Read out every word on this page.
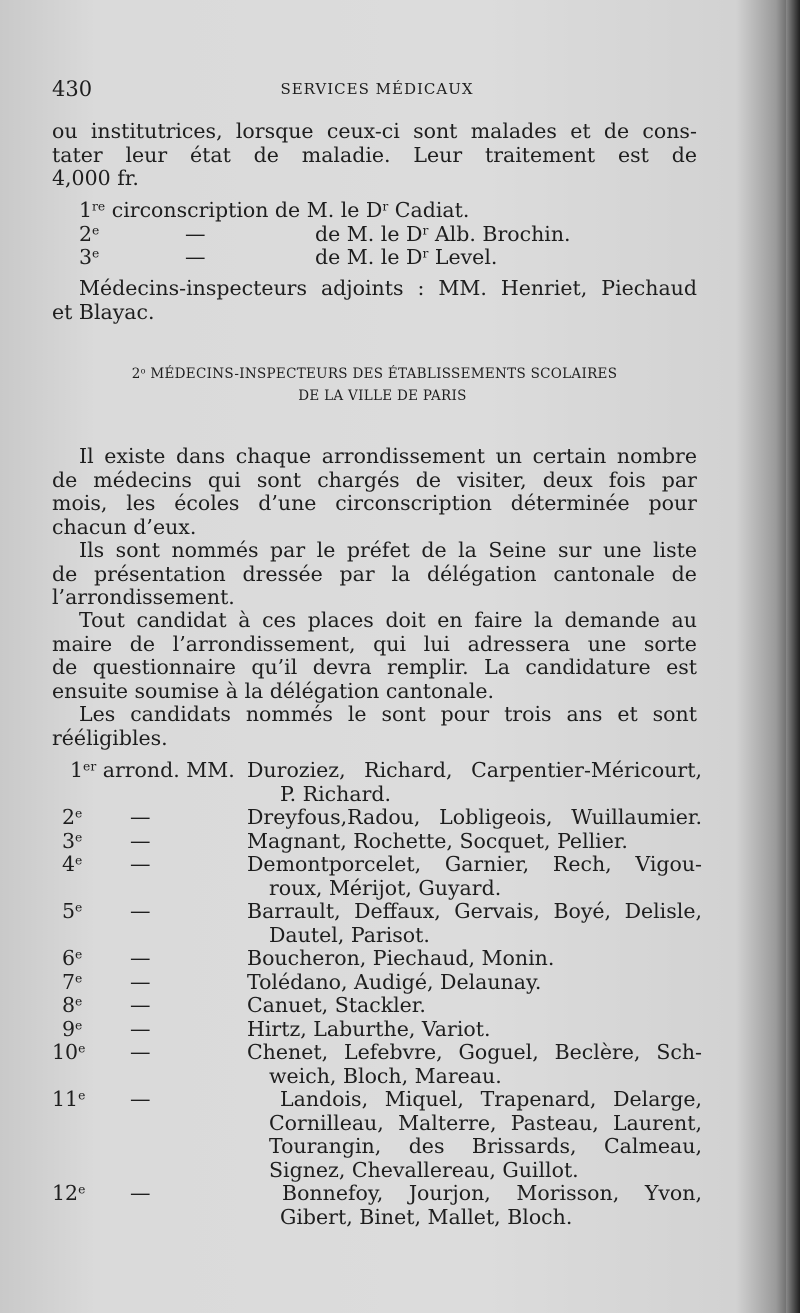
430	SERVICES MÉDICAUX
ou institutrices, lorsque ceux-ci sont malades et de cons-
tater leur état de maladie. Leur traitement est de
4,000 fr.
1re circonscription de M. le $D^r$ Cadiat.
2e	—	de M. le $D^r$ Alb. Brochin.
3e	—	de M. le $D^r$ Level.
Médecins-inspecteurs adjoints : MM. Henriet, Piechaud
et Blayac.
2$^o$ MÉDECINS-INSPECTEURS DES ÉTABLISSEMENTS SCOLAIRES
DE LA VILLE DE PARIS
Il existe dans chaque arrondissement un certain nombre
de médecins qui sont chargés de visiter, deux fois par
mois, les écoles d’une circonscription déterminée pour
chacun d’eux.
Ils sont nommés par le préfet de la Seine sur une liste
de présentation dressée par la délégation cantonale de
l’arrondissement.
Tout candidat à ces places doit en faire la demande au
maire de l’arrondissement, qui lui adressera une sorte
de questionnaire qu’il devra remplir. La candidature est
ensuite soumise à la délégation cantonale.
Les candidats nommés le sont pour trois ans et sont
rééligibles.
1er arrond. MM. Duroziez, Richard, Carpentier-Méricourt,
P. Richard.
2e —	Dreyfous,Radou, Lobligeois, Wuillaumier.
3e —	Magnant, Rochette, Socquet, Pellier.
4e —	Demontporcelet, Garnier, Rech, Vigou-
roux, Mérijot, Guyard.
5e —	Barrault, Deffaux, Gervais, Boyé, Delisle,
Dautel, Parisot.
6e —	Boucheron, Piechaud, Monin.
7e —	Tolédano, Audigé, Delaunay.
8e —	Canuet, Stackler.
9e —	Hirtz, Laburthe, Variot.
10e —	Chenet, Lefebvre, Goguel, Beclère, Sch-
weich, Bloch, Mareau.
11e —	Landois, Miquel, Trapenard, Delarge,
Cornilleau, Malterre, Pasteau, Laurent,
Tourangin, des Brissards, Calmeau,
Signez, Chevallereau, Guillot.
12e —	Bonnefoy, Jourjon, Morisson, Yvon,
Gibert, Binet, Mallet, Bloch.
